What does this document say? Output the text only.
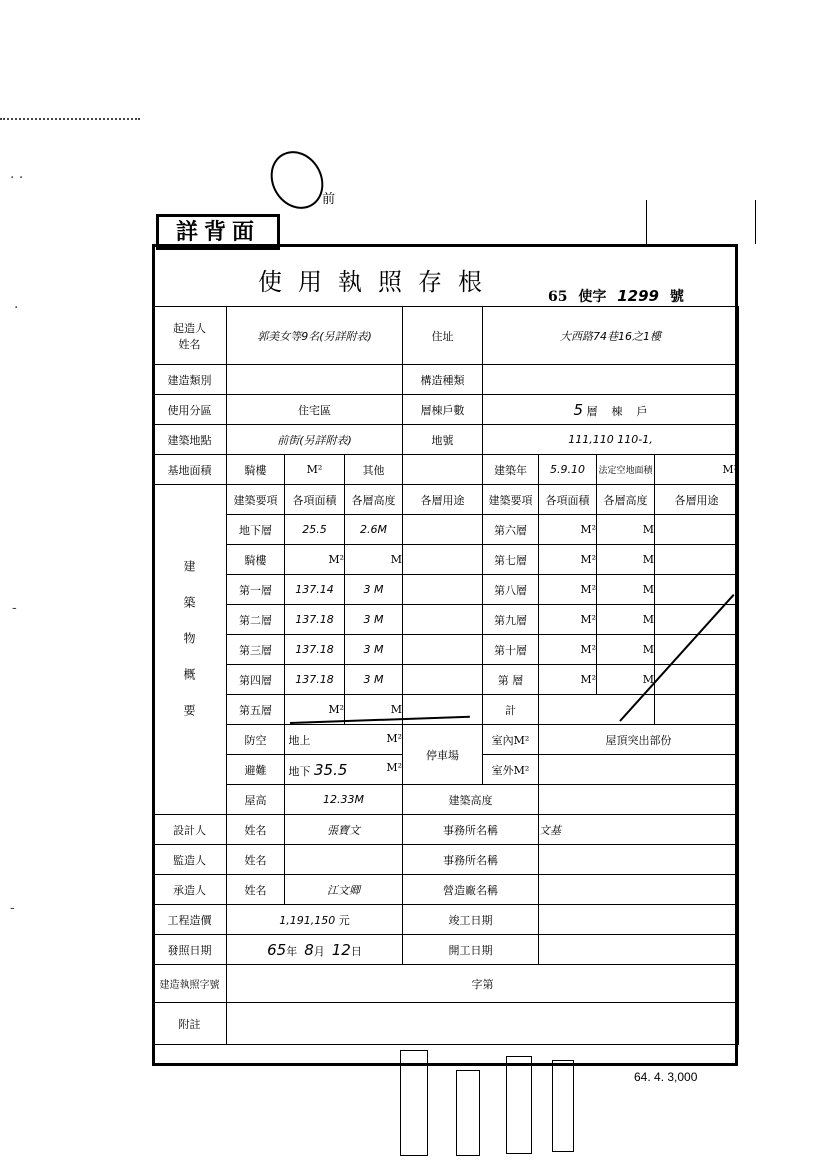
前
詳背面
使用執照存根
65 使字 1299 號
起造人
姓名	郭美女等9名(另詳附表)			住址	大西路74巷16之1樓			
建造類別				構造種類				
使用分區	住宅區			層棟戶數	5 層 棟 戶			
建築地點	前街(另詳附表)			地號	111,110 110-1,			
基地面積	騎樓	M²	其他		建築年	5.9.10	法定空地面積	M²
建築物概要	建築要項	各項面積	各層高度	各層用途	建築要項	各項面積	各層高度	各層用途
	地下層	25.5	2.6M		第六層	M²	M	
	騎樓	M²	M		第七層	M²	M	
	第一層	137.14	3 M		第八層	M²	M	
	第二層	137.18	3 M		第九層	M²	M	
	第三層	137.18	3 M		第十層	M²	M	
	第四層	137.18	3 M		第 層	M²	M	
	第五層	M²	M		計			
	防空	地上 M²		停車場	室內M²	屋頂突出部份		
	避難	地下 35.5 M²			室外M²			
	屋高	12.33M		建築高度				
設計人	姓名	張寶文		事務所名稱		文基		
監造人	姓名			事務所名稱				
承造人	姓名	江文卿		營造廠名稱				
工程造價	1,191,150 元			竣工日期				
發照日期	65年 8月 12日			開工日期				
建造執照字號	字第							
附註								
· ·
·
-
-
64. 4. 3,000
